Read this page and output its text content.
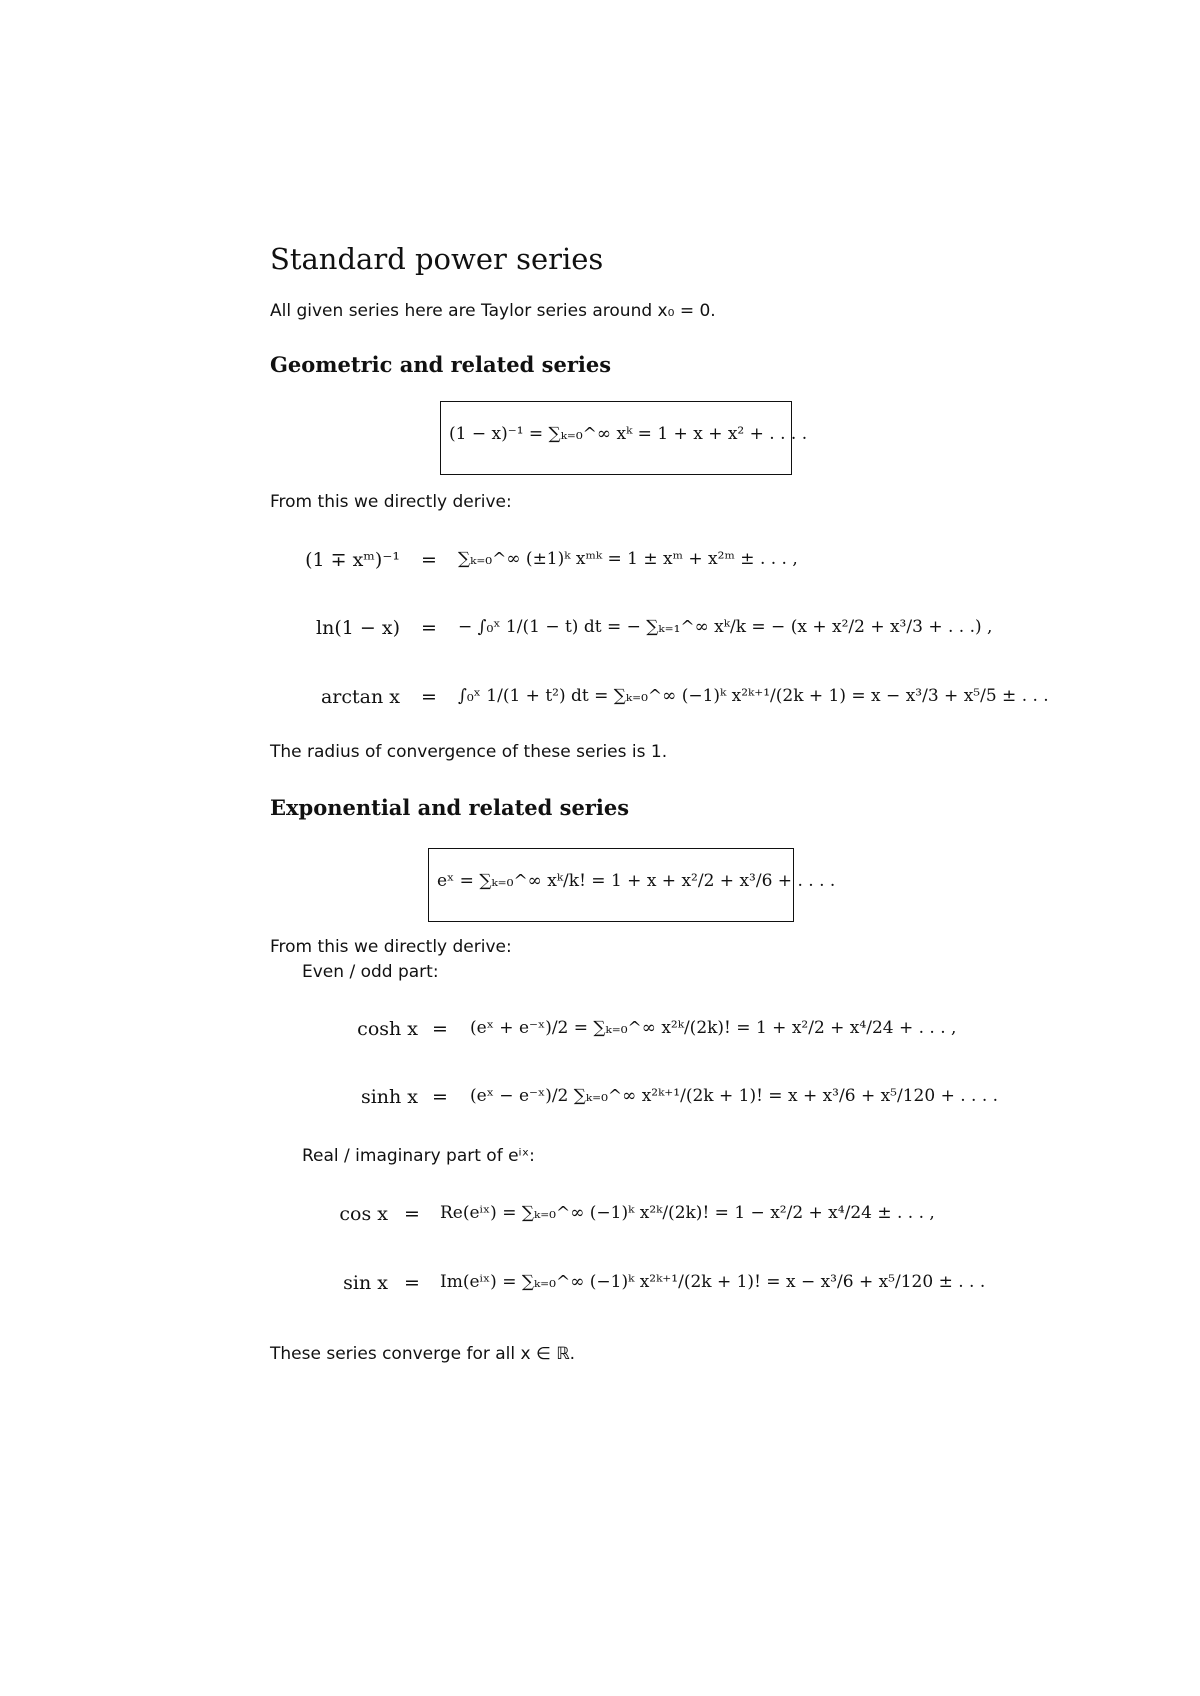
Standard power series
All given series here are Taylor series around x₀ = 0.
Geometric and related series
(1 − x)⁻¹ = ∑ₖ₌₀^∞ xᵏ = 1 + x + x² + . . . .
From this we directly derive:
(1 ∓ xᵐ)⁻¹	=	∑ₖ₌₀^∞ (±1)ᵏ xᵐᵏ = 1 ± xᵐ + x²ᵐ ± . . . ,
ln(1 − x)	=	− ∫₀ˣ 1/(1 − t) dt = − ∑ₖ₌₁^∞ xᵏ/k = − (x + x²/2 + x³/3 + . . .) ,
arctan x	=	∫₀ˣ 1/(1 + t²) dt = ∑ₖ₌₀^∞ (−1)ᵏ x²ᵏ⁺¹/(2k + 1) = x − x³/3 + x⁵/5 ± . . .
The radius of convergence of these series is 1.
Exponential and related series
eˣ = ∑ₖ₌₀^∞ xᵏ/k! = 1 + x + x²/2 + x³/6 + . . . .
From this we directly derive:
Even / odd part:
cosh x =	(eˣ + e⁻ˣ)/2 = ∑ₖ₌₀^∞ x²ᵏ/(2k)! = 1 + x²/2 + x⁴/24 + . . . ,
sinh x =	(eˣ − e⁻ˣ)/2 ∑ₖ₌₀^∞ x²ᵏ⁺¹/(2k + 1)! = x + x³/6 + x⁵/120 + . . . .
Real / imaginary part of eⁱˣ:
cos x =	Re(eⁱˣ) = ∑ₖ₌₀^∞ (−1)ᵏ x²ᵏ/(2k)! = 1 − x²/2 + x⁴/24 ± . . . ,
sin x =	Im(eⁱˣ) = ∑ₖ₌₀^∞ (−1)ᵏ x²ᵏ⁺¹/(2k + 1)! = x − x³/6 + x⁵/120 ± . . .
These series converge for all x ∈ ℝ.
